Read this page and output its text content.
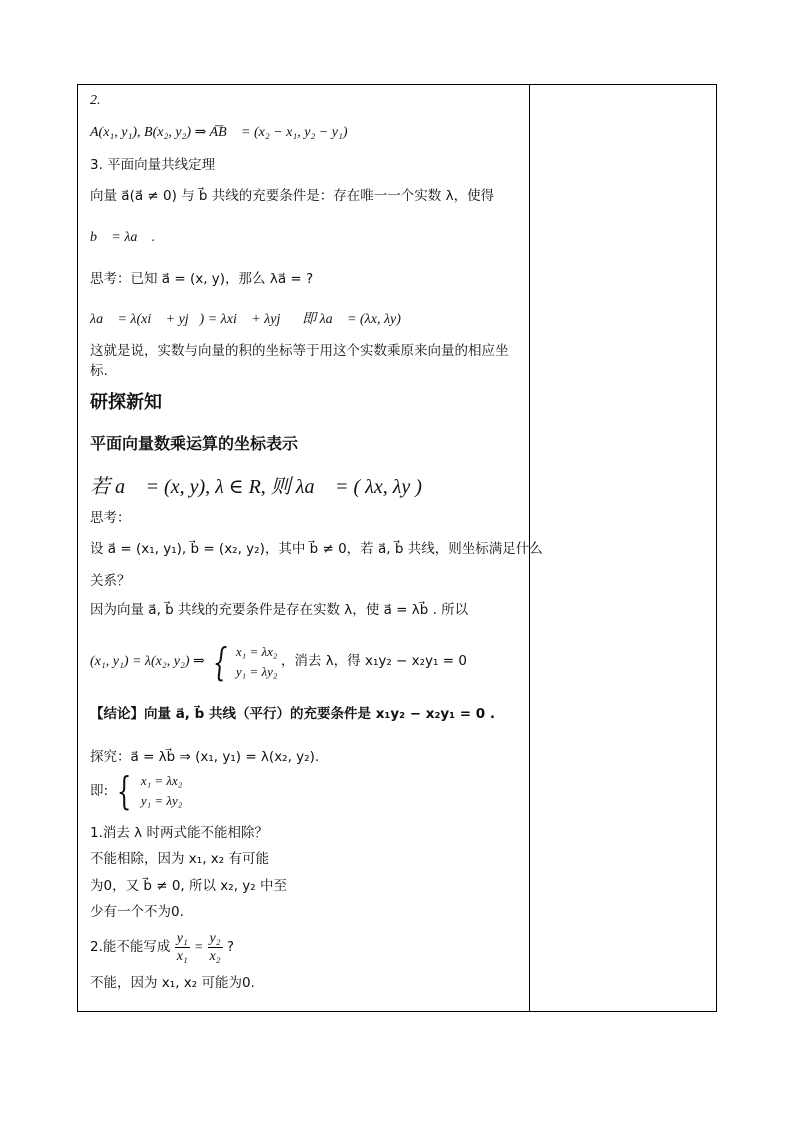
2.
A(x₁, y₁), B(x₂, y₂) ⇒ A͞B⃗ = (x₂ − x₁, y₂ − y₁)
3. 平面向量共线定理
向量 a⃗(a⃗ ≠ 0) 与 b⃗ 共线的充要条件是：存在唯一一个实数 λ，使得
b⃗ = λa⃗ .
思考：已知 a⃗ = (x, y)，那么 λa⃗ = ?
λa⃗ = λ(xi⃗ + yj⃗) = λxi⃗ + λyj⃗，即 λa⃗ = (λx, λy)
这就是说，实数与向量的积的坐标等于用这个实数乘原来向量的相应坐
标.
研探新知
平面向量数乘运算的坐标表示
若 a⃗ = (x, y), λ ∈ R, 则 λa⃗ = ( λx, λy )
思考：
设 a⃗ = (x₁, y₁), b⃗ = (x₂, y₂)，其中 b⃗ ≠ 0，若 a⃗, b⃗ 共线，则坐标满足什么
关系？
因为向量 a⃗, b⃗ 共线的充要条件是存在实数 λ，使 a⃗ = λb⃗ . 所以
(x₁, y₁) = λ(x₂, y₂) ⇒ { x₁ = λx₂
y₁ = λy₂
，消去 λ，得 x₁y₂ − x₂y₁ = 0
【结论】向量 a⃗, b⃗ 共线（平行）的充要条件是 x₁y₂ − x₂y₁ = 0 .
探究：a⃗ = λb⃗ ⇒ (x₁, y₁) = λ(x₂, y₂).
即: { x₁ = λx₂
y₁ = λy₂
1.消去 λ 时两式能不能相除？
不能相除，因为 x₁, x₂ 有可能
为0，又 b⃗ ≠ 0, 所以 x₂, y₂ 中至
少有一个不为0.
2.能不能写成 $\frac{\text{y₁}}{\text{x₁}} = \frac{\text{y₂}}{\text{x₂}}$ ?
不能，因为 x₁, x₂ 可能为0.
